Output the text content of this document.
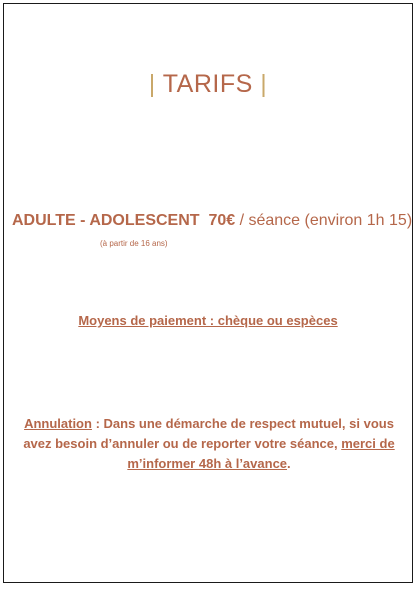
| TARIFS |
ADULTE - ADOLESCENT 70€ / séance (environ 1h 15)
(à partir de 16 ans)
Moyens de paiement : chèque ou espèces
Annulation : Dans une démarche de respect mutuel, si vous avez besoin d’annuler ou de reporter votre séance, merci de m’informer 48h à l’avance.
